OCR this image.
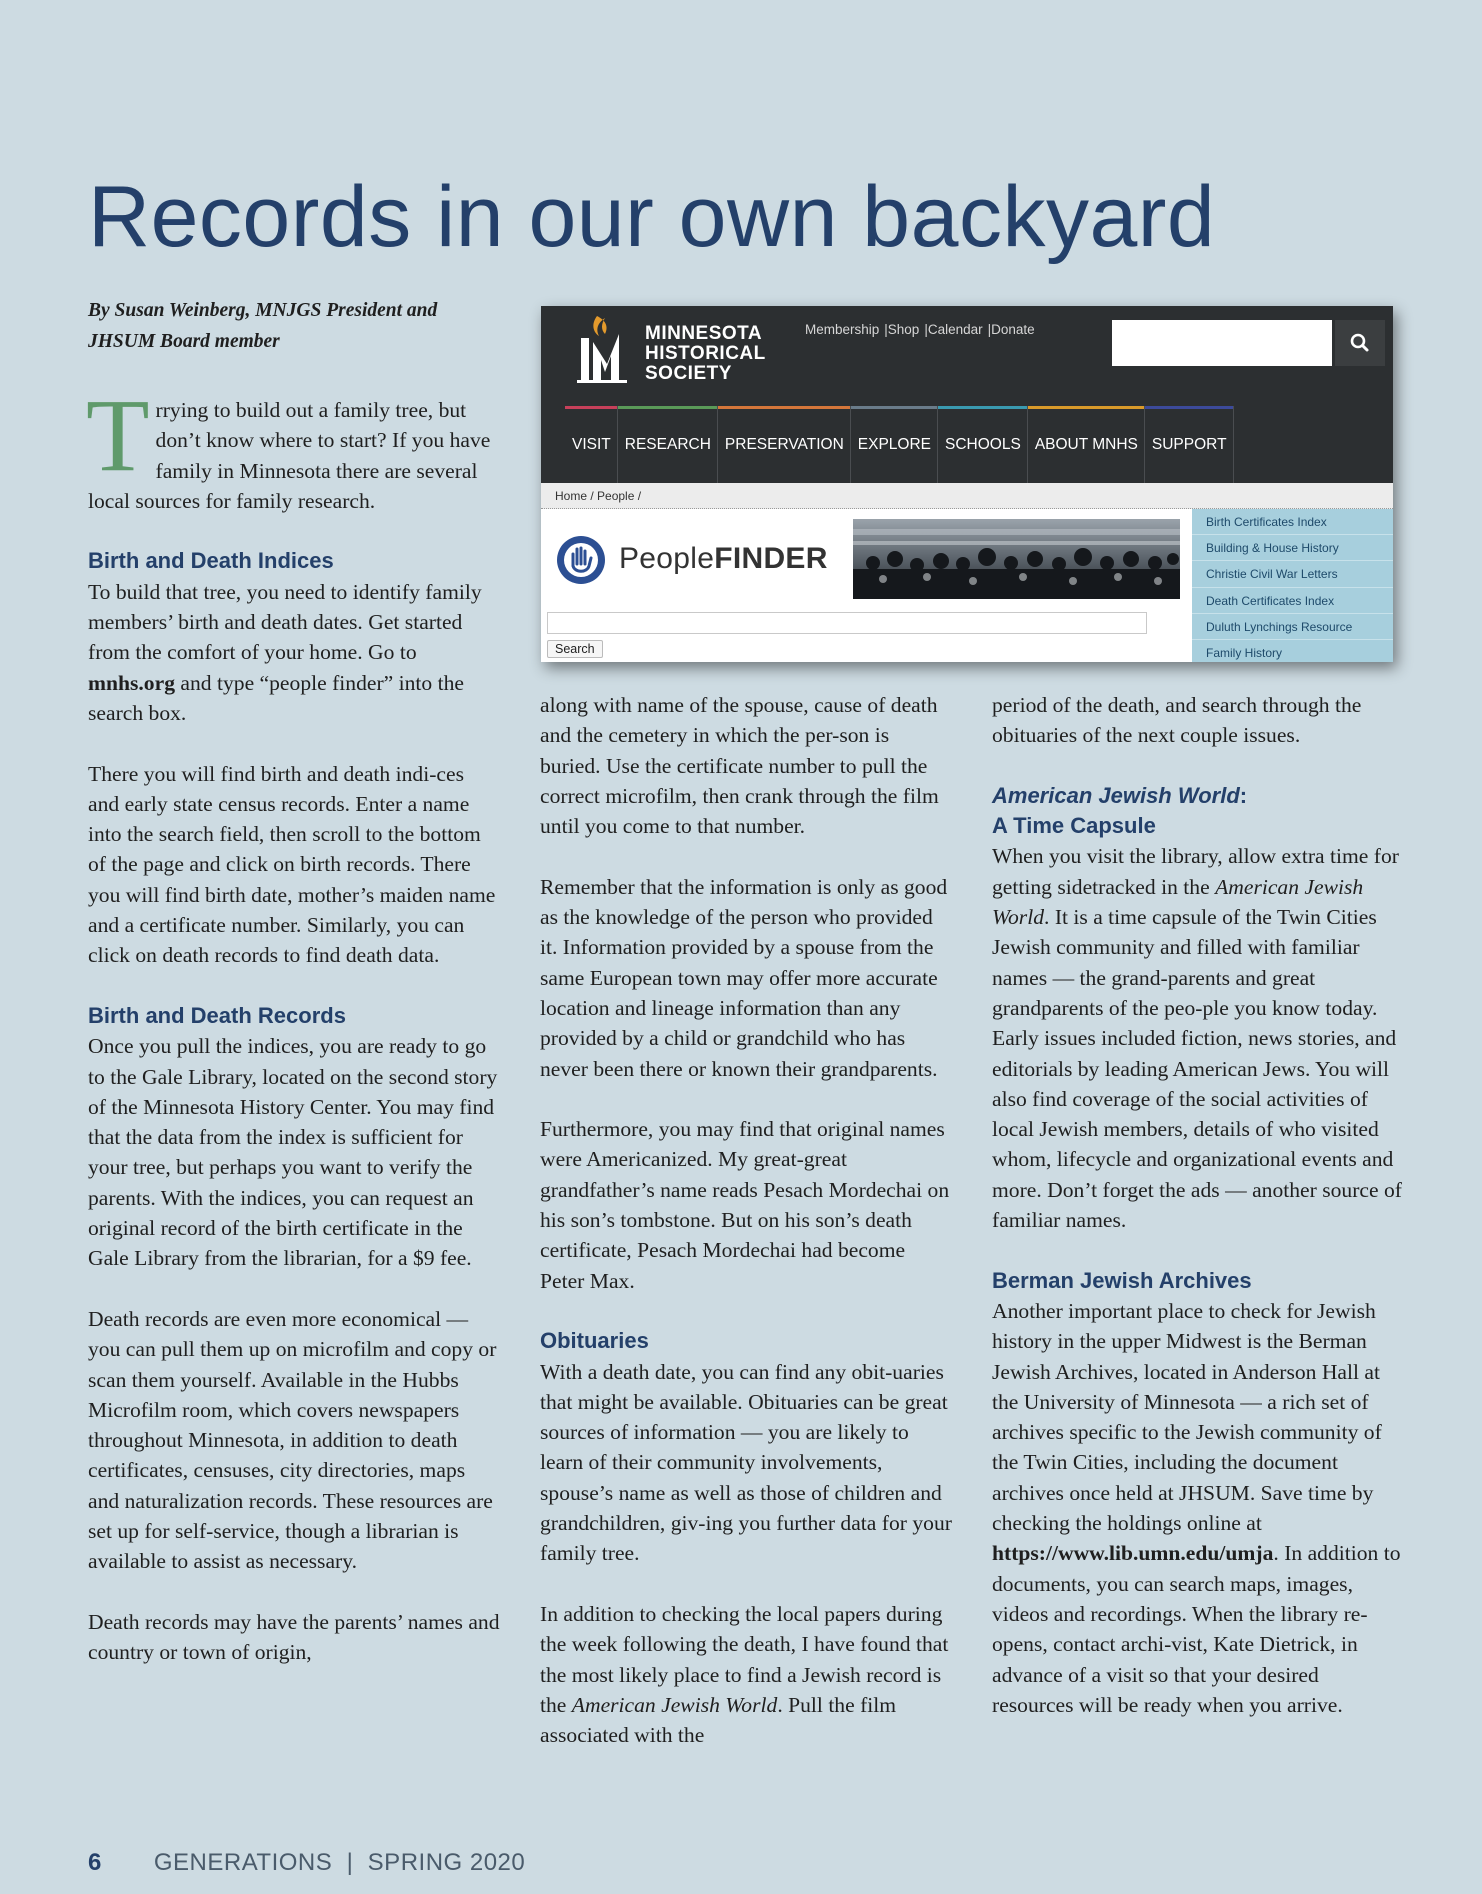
Records in our own backyard

By Susan Weinberg, MNJGS President and JHSUM Board member

Trrying to build out a family tree, but don’t know where to start? If you have family in Minnesota there are several local sources for family research.

Birth and Death Indices

To build that tree, you need to identify family members’ birth and death dates. Get started from the comfort of your home. Go to mnhs.org and type “people finder” into the search box.

There you will find birth and death indi-ces and early state census records. Enter a name into the search field, then scroll to the bottom of the page and click on birth records. There you will find birth date, mother’s maiden name and a certificate number. Similarly, you can click on death records to find death data.

Birth and Death Records

Once you pull the indices, you are ready to go to the Gale Library, located on the second story of the Minnesota History Center. You may find that the data from the index is sufficient for your tree, but perhaps you want to verify the parents. With the indices, you can request an original record of the birth certificate in the Gale Library from the librarian, for a $9 fee.

Death records are even more economical — you can pull them up on microfilm and copy or scan them yourself. Available in the Hubbs Microfilm room, which covers newspapers throughout Minnesota, in addition to death certificates, censuses, city directories, maps and naturalization records. These resources are set up for self-service, though a librarian is available to assist as necessary.

Death records may have the parents’ names and country or town of origin,

MINNESOTA
HISTORICAL
SOCIETY
Membership |Shop |Calendar |Donate
VISIT RESEARCH PRESERVATION EXPLORE SCHOOLS ABOUT MNHS SUPPORT
Home / People /
PeopleFINDER
Search
Birth Certificates Index
Building & House History
Christie Civil War Letters
Death Certificates Index
Duluth Lynchings Resource
Family History

along with name of the spouse, cause of death and the cemetery in which the per-son is buried. Use the certificate number to pull the correct microfilm, then crank through the film until you come to that number.

Remember that the information is only as good as the knowledge of the person who provided it. Information provided by a spouse from the same European town may offer more accurate location and lineage information than any provided by a child or grandchild who has never been there or known their grandparents.

Furthermore, you may find that original names were Americanized. My great-great grandfather’s name reads Pesach Mordechai on his son’s tombstone. But on his son’s death certificate, Pesach Mordechai had become Peter Max.

Obituaries

With a death date, you can find any obit-uaries that might be available. Obituaries can be great sources of information — you are likely to learn of their community involvements, spouse’s name as well as those of children and grandchildren, giv-ing you further data for your family tree.

In addition to checking the local papers during the week following the death, I have found that the most likely place to find a Jewish record is the American Jewish World. Pull the film associated with the

period of the death, and search through the obituaries of the next couple issues.

American Jewish World:
A Time Capsule

When you visit the library, allow extra time for getting sidetracked in the American Jewish World. It is a time capsule of the Twin Cities Jewish community and filled with familiar names — the grand-parents and great grandparents of the peo-ple you know today. Early issues included fiction, news stories, and editorials by leading American Jews. You will also find coverage of the social activities of local Jewish members, details of who visited whom, lifecycle and organizational events and more. Don’t forget the ads — another source of familiar names.

Berman Jewish Archives

Another important place to check for Jewish history in the upper Midwest is the Berman Jewish Archives, located in Anderson Hall at the University of Minnesota — a rich set of archives specific to the Jewish community of the Twin Cities, including the document archives once held at JHSUM. Save time by checking the holdings online at https://www.lib.umn.edu/umja. In addition to documents, you can search maps, images, videos and recordings. When the library re-opens, contact archi-vist, Kate Dietrick, in advance of a visit so that your desired resources will be ready when you arrive.

6 GENERATIONS  |  SPRING 2020
